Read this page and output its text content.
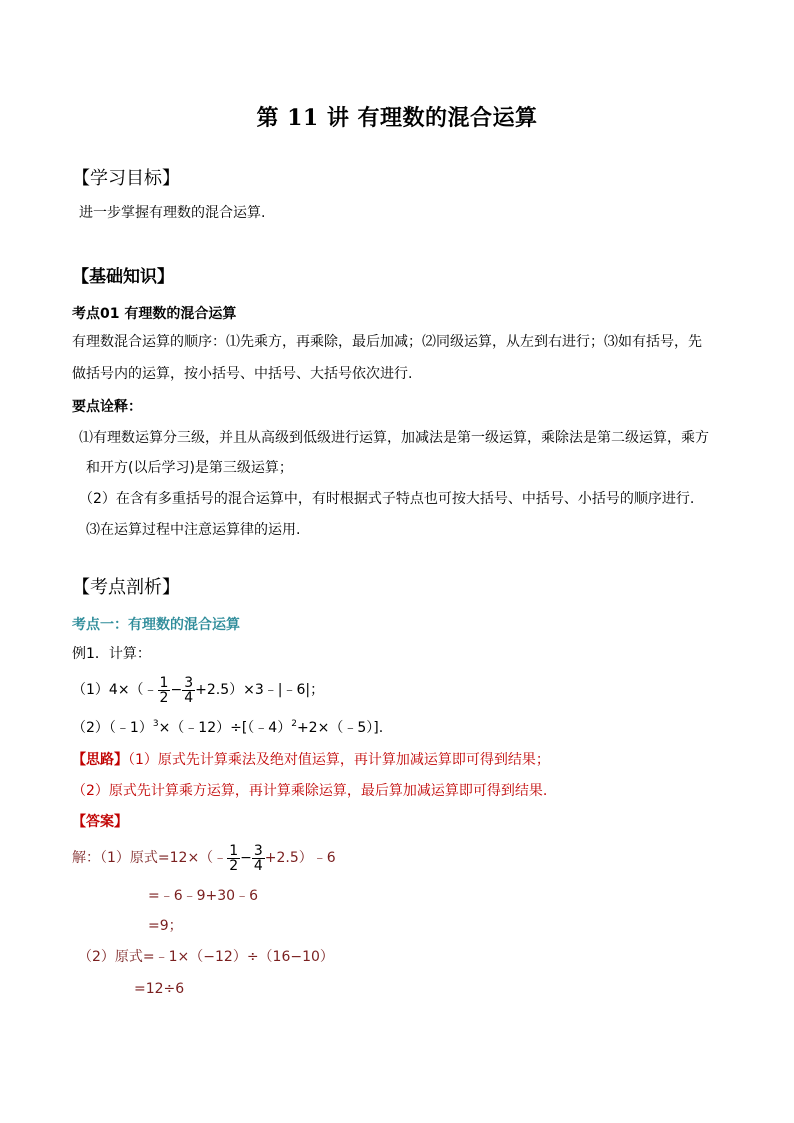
第 11 讲 有理数的混合运算
【学习目标】
进一步掌握有理数的混合运算.
【基础知识】
考点01 有理数的混合运算
有理数混合运算的顺序：⑴先乘方，再乘除，最后加减；⑵同级运算，从左到右进行；⑶如有括号，先
做括号内的运算，按小括号、中括号、大括号依次进行.
要点诠释：
⑴有理数运算分三级，并且从高级到低级进行运算，加减法是第一级运算，乘除法是第二级运算，乘方
和开方(以后学习)是第三级运算；
（2）在含有多重括号的混合运算中，有时根据式子特点也可按大括号、中括号、小括号的顺序进行.
⑶在运算过程中注意运算律的运用.
【考点剖析】
考点一：有理数的混合运算
例1．计算：
（1）4×（﹣ $\frac{1}{2} - \frac{3}{4}$ +2.5）×3﹣|﹣6|；
（2）（﹣1）$^3$×（﹣12）÷[（﹣4）$^2$+2×（﹣5）].
【思路】（1）原式先计算乘法及绝对值运算，再计算加减运算即可得到结果；
（2）原式先计算乘方运算，再计算乘除运算，最后算加减运算即可得到结果.
【答案】
解：（1）原式=12×（﹣ $\frac{1}{2} - \frac{3}{4}$ +2.5）﹣6
=﹣6﹣9+30﹣6
=9；
（2）原式=﹣1×（−12）÷（16−10）
=12÷6
